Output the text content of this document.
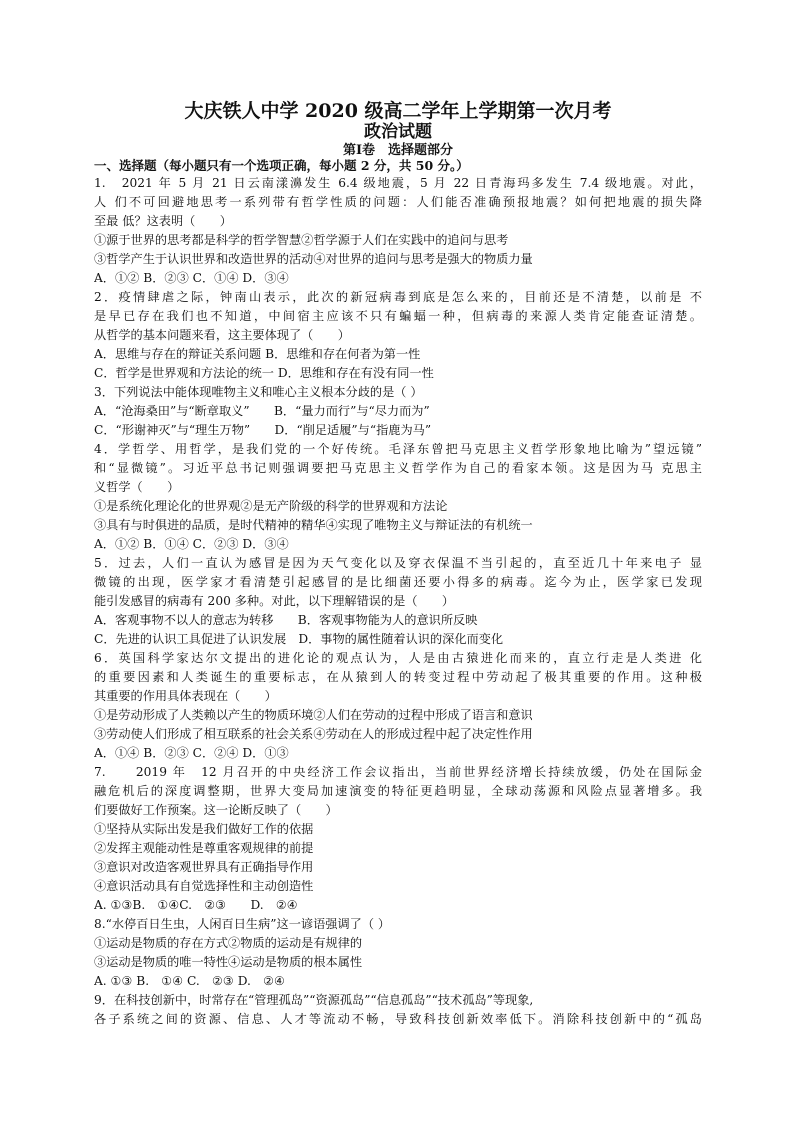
大庆铁人中学 2020 级高二学年上学期第一次月考

政治试题

第Ⅰ卷　选择题部分

一、选择题（每小题只有一个选项正确，每小题 2 分，共 50 分。）

1.　2021 年 5 月 21 日云南漾濞发生 6.4 级地震，5 月 22 日青海玛多发生 7.4 级地震。对此，

人 们不可回避地思考一系列带有哲学性质的问题：人们能否准确预报地震？如何把地震的损失降

至最 低？这表明（　　）

①源于世界的思考都是科学的哲学智慧②哲学源于人们在实践中的追问与思考

③哲学产生于认识世界和改造世界的活动④对世界的追问与思考是强大的物质力量

A．①② B．②③ C．①④ D．③④

2．疫情肆虐之际，钟南山表示，此次的新冠病毒到底是怎么来的，目前还是不清楚，以前是 不

是早已存在我们也不知道，中间宿主应该不只有蝙蝠一种，但病毒的来源人类肯定能查证清楚。

从哲学的基本问题来看，这主要体现了（　　）

A．思维与存在的辩证关系问题 B．思维和存在何者为第一性

C．哲学是世界观和方法论的统一 D．思维和存在有没有同一性

3．下列说法中能体现唯物主义和唯心主义根本分歧的是（ ）

A．“沧海桑田”与“断章取义”　　B．“量力而行”与“尽力而为”

C．“形谢神灭”与“理生万物”　　D．“削足适履”与“指鹿为马”

4．学哲学、用哲学，是我们党的一个好传统。毛泽东曾把马克思主义哲学形象地比喻为”望远镜”

和“显微镜”。习近平总书记则强调要把马克思主义哲学作为自己的看家本领。这是因为马 克思主

义哲学（　　）

①是系统化理论化的世界观②是无产阶级的科学的世界观和方法论

③具有与时俱进的品质，是时代精神的精华④实现了唯物主义与辩证法的有机统一

A．①② B．①④ C．②③ D．③④

5．过去，人们一直认为感冒是因为天气变化以及穿衣保温不当引起的，直至近几十年来电子 显

微镜的出现，医学家才看清楚引起感冒的是比细菌还要小得多的病毒。迄今为止，医学家已发现

能引发感冒的病毒有 200 多种。对此，以下理解错误的是（　　）

A．客观事物不以人的意志为转移　　B．客观事物能为人的意识所反映

C．先进的认识工具促进了认识发展　D．事物的属性随着认识的深化而变化

6．英国科学家达尔文提出的进化论的观点认为，人是由古猿进化而来的，直立行走是人类进 化

的重要因素和人类诞生的重要标志，在从猿到人的转变过程中劳动起了极其重要的作用。这种极

其重要的作用具体表现在（　　）

①是劳动形成了人类赖以产生的物质环境②人们在劳动的过程中形成了语言和意识

③劳动使人们形成了相互联系的社会关系④劳动在人的形成过程中起了决定性作用

A．①④ B．②③ C．②④ D．①③

7.　　2019 年　12 月召开的中央经济工作会议指出，当前世界经济增长持续放缓，仍处在国际金

融危机后的深度调整期，世界大变局加速演变的特征更趋明显，全球动荡源和风险点显著增多。我

们要做好工作预案。这一论断反映了（　　）

①坚持从实际出发是我们做好工作的依据

②发挥主观能动性是尊重客观规律的前提

③意识对改造客观世界具有正确指导作用

④意识活动具有自觉选择性和主动创造性

A. ①③B.　①④C.　②③　　D.　②④

8.“水停百日生虫，人闲百日生病”这一谚语强调了（ ）

①运动是物质的存在方式②物质的运动是有规律的

③运动是物质的唯一特性④运动是物质的根本属性

A. ①③ B.　①④ C.　②③ D.　②④

9．在科技创新中，时常存在“管理孤岛”“资源孤岛”“信息孤岛”“技术孤岛”等现象,

各子系统之间的资源、信息、人才等流动不畅，导致科技创新效率低下。消除科技创新中的“孤岛
